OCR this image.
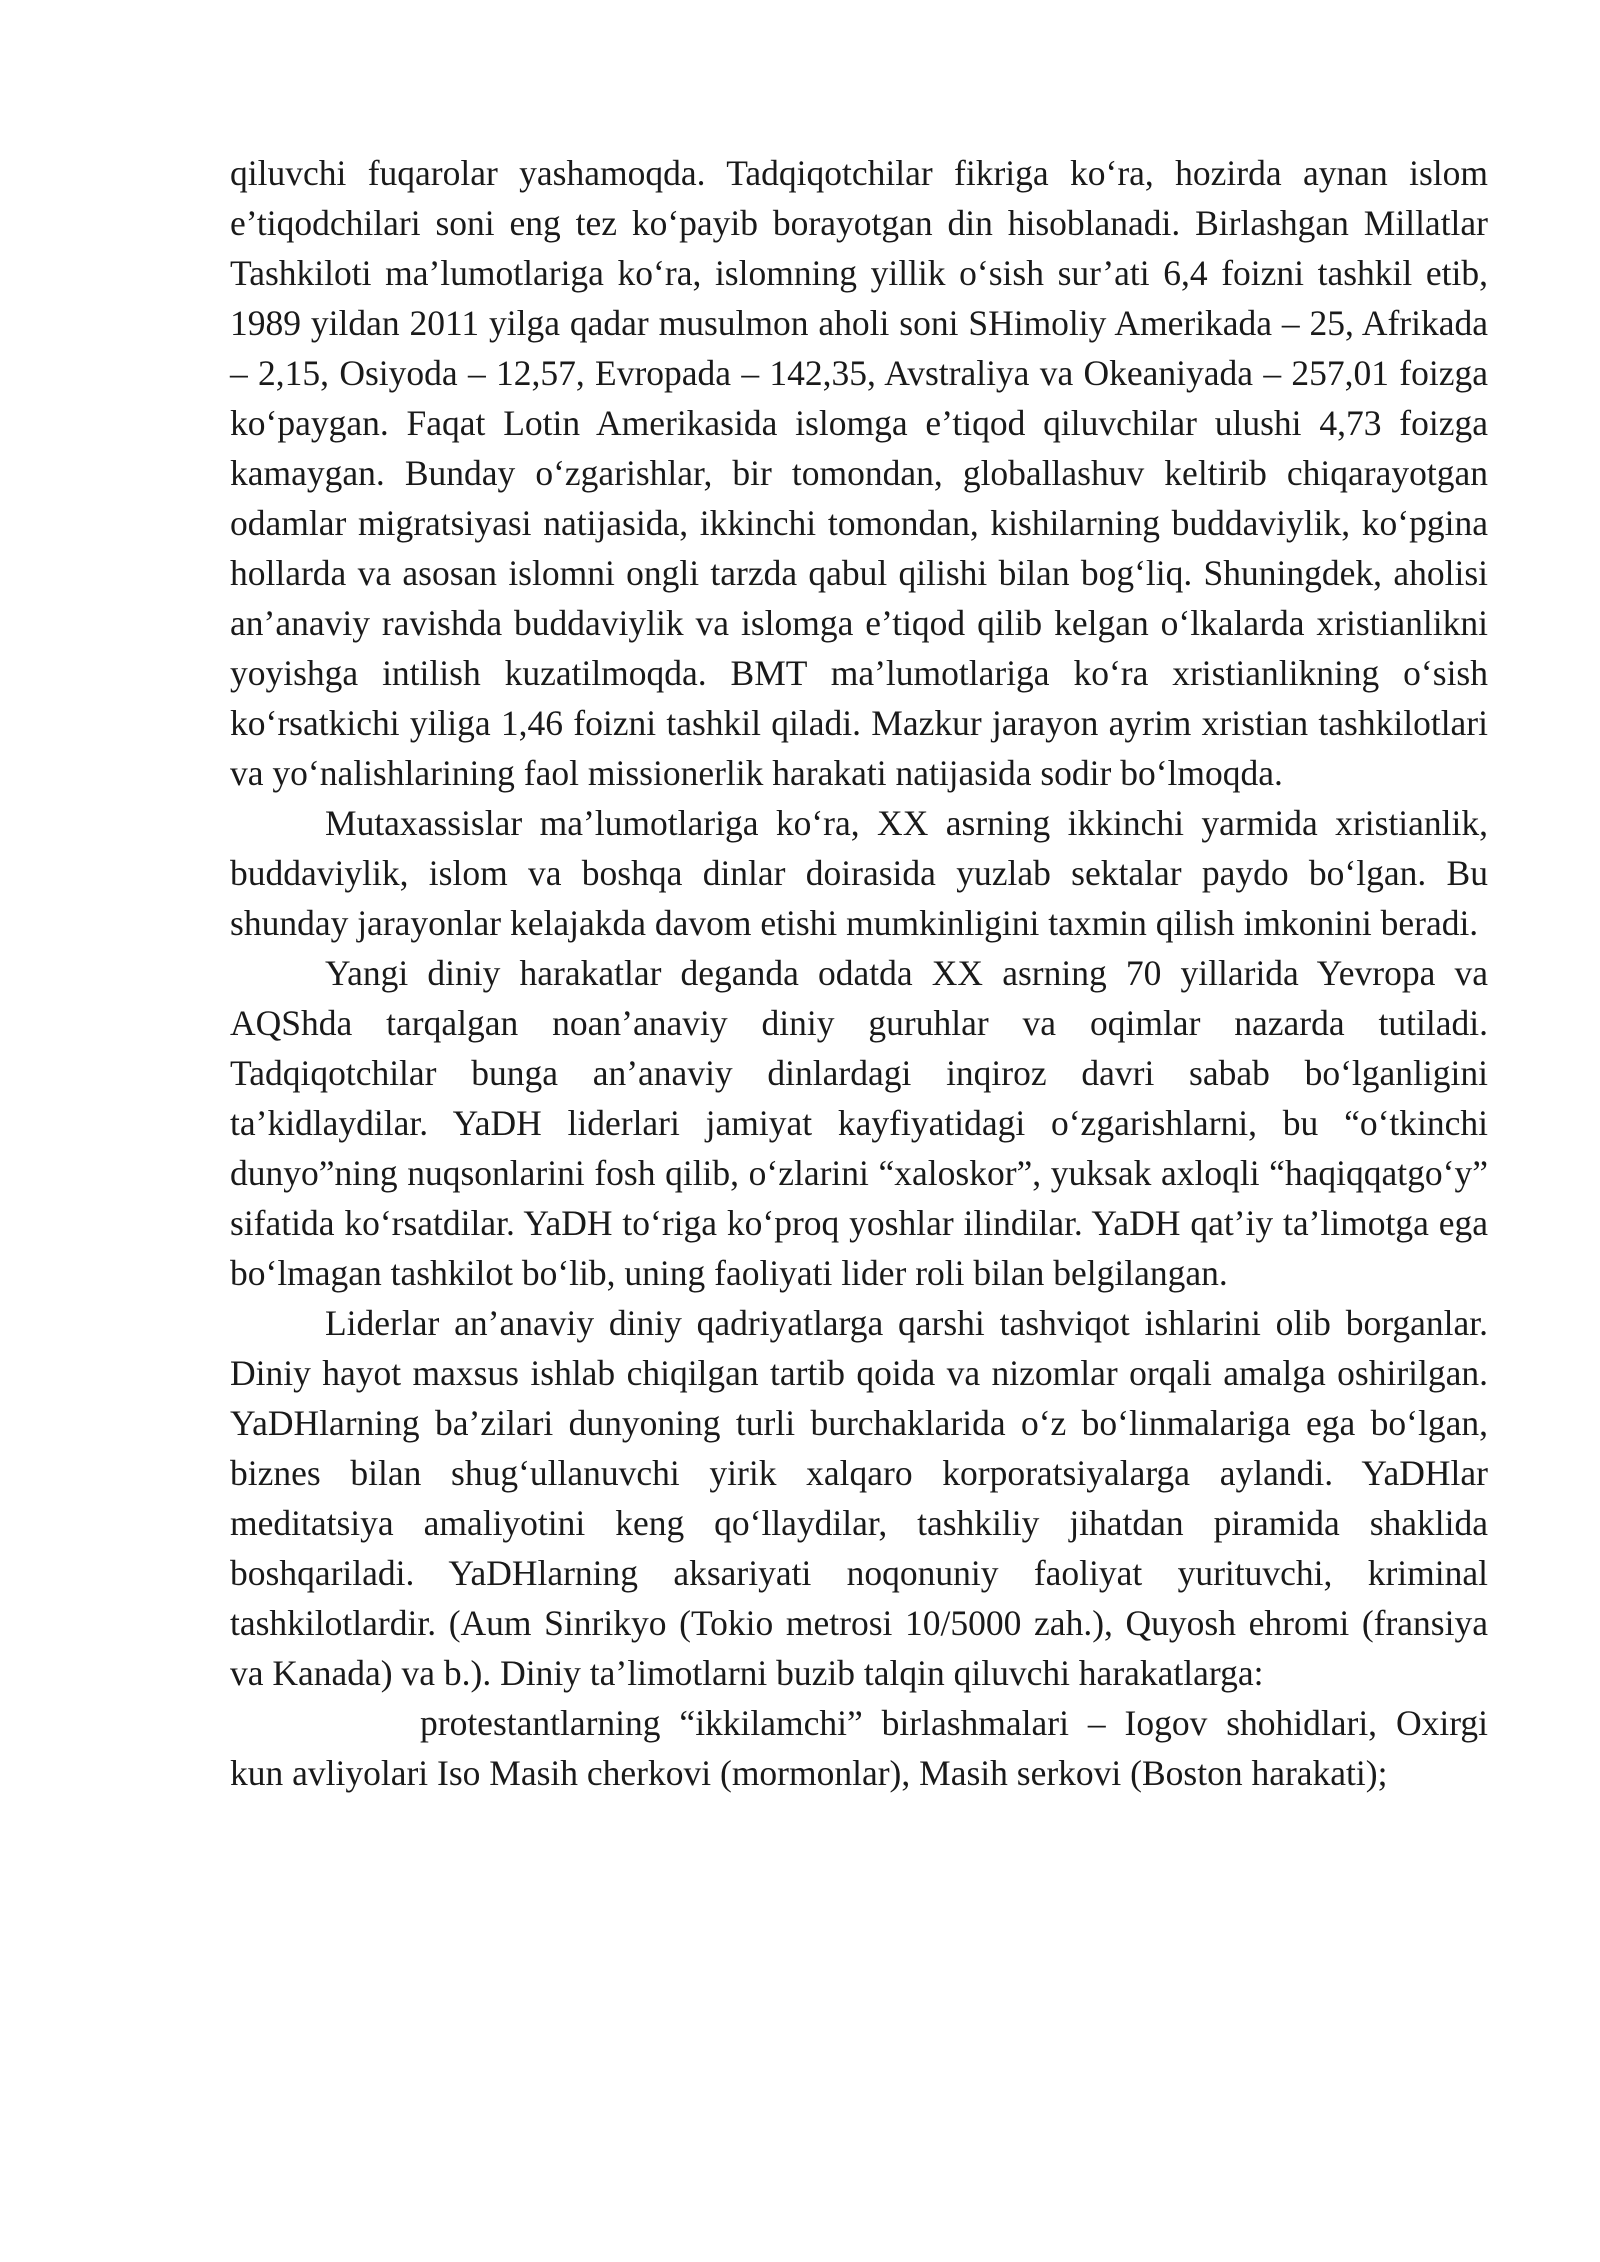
qiluvchi fuqarolar yashamoqda. Tadqiqotchilar fikriga ko‘ra, hozirda aynan islom e’tiqodchilari soni eng tez ko‘payib borayotgan din hisoblanadi. Birlashgan Millatlar Tashkiloti ma’lumotlariga ko‘ra, islomning yillik o‘sish sur’ati 6,4 foizni tashkil etib, 1989 yildan 2011 yilga qadar musulmon aholi soni SHimoliy Amerikada – 25, Afrikada – 2,15, Osiyoda – 12,57, Evropada – 142,35, Avstraliya va Okeaniyada – 257,01 foizga ko‘paygan. Faqat Lotin Amerikasida islomga e’tiqod qiluvchilar ulushi 4,73 foizga kamaygan. Bunday o‘zgarishlar, bir tomondan, globallashuv keltirib chiqarayotgan odamlar migratsiyasi natijasida, ikkinchi tomondan, kishilarning buddaviylik, ko‘pgina hollarda va asosan islomni ongli tarzda qabul qilishi bilan bog‘liq. Shuningdek, aholisi an’anaviy ravishda buddaviylik va islomga e’tiqod qilib kelgan o‘lkalarda xristianlikni yoyishga intilish kuzatilmoqda. BMT ma’lumotlariga ko‘ra xristianlikning o‘sish ko‘rsatkichi yiliga 1,46 foizni tashkil qiladi. Mazkur jarayon ayrim xristian tashkilotlari va yo‘nalishlarining faol missionerlik harakati natijasida sodir bo‘lmoqda.

Mutaxassislar ma’lumotlariga ko‘ra, XX asrning ikkinchi yarmida xristianlik, buddaviylik, islom va boshqa dinlar doirasida yuzlab sektalar paydo bo‘lgan. Bu shunday jarayonlar kelajakda davom etishi mumkinligini taxmin qilish imkonini beradi.

Yangi diniy harakatlar deganda odatda XX asrning 70 yillarida Yevropa va AQShda tarqalgan noan’anaviy diniy guruhlar va oqimlar nazarda tutiladi. Tadqiqotchilar bunga an’anaviy dinlardagi inqiroz davri sabab bo‘lganligini ta’kidlaydilar. YaDH liderlari jamiyat kayfiyatidagi o‘zgarishlarni, bu “o‘tkinchi dunyo”ning nuqsonlarini fosh qilib, o‘zlarini “xaloskor”, yuksak axloqli “haqiqqatgo‘y” sifatida ko‘rsatdilar. YaDH to‘riga ko‘proq yoshlar ilindilar. YaDH qat’iy ta’limotga ega bo‘lmagan tashkilot bo‘lib, uning faoliyati lider roli bilan belgilangan.

Liderlar an’anaviy diniy qadriyatlarga qarshi tashviqot ishlarini olib borganlar. Diniy hayot maxsus ishlab chiqilgan tartib qoida va nizomlar orqali amalga oshirilgan. YaDHlarning ba’zilari dunyoning turli burchaklarida o‘z bo‘linmalariga ega bo‘lgan, biznes bilan shug‘ullanuvchi yirik xalqaro korporatsiyalarga aylandi. YaDHlar meditatsiya amaliyotini keng qo‘llaydilar, tashkiliy jihatdan piramida shaklida boshqariladi. YaDHlarning aksariyati noqonuniy faoliyat yurituvchi, kriminal tashkilotlardir. (Aum Sinrikyo (Tokio metrosi 10/5000 zah.), Quyosh ehromi (fransiya va Kanada) va b.). Diniy ta’limotlarni buzib talqin qiluvchi harakatlarga:

protestantlarning “ikkilamchi” birlashmalari – Iogov shohidlari, Oxirgi kun avliyolari Iso Masih cherkovi (mormonlar), Masih serkovi (Boston harakati);
